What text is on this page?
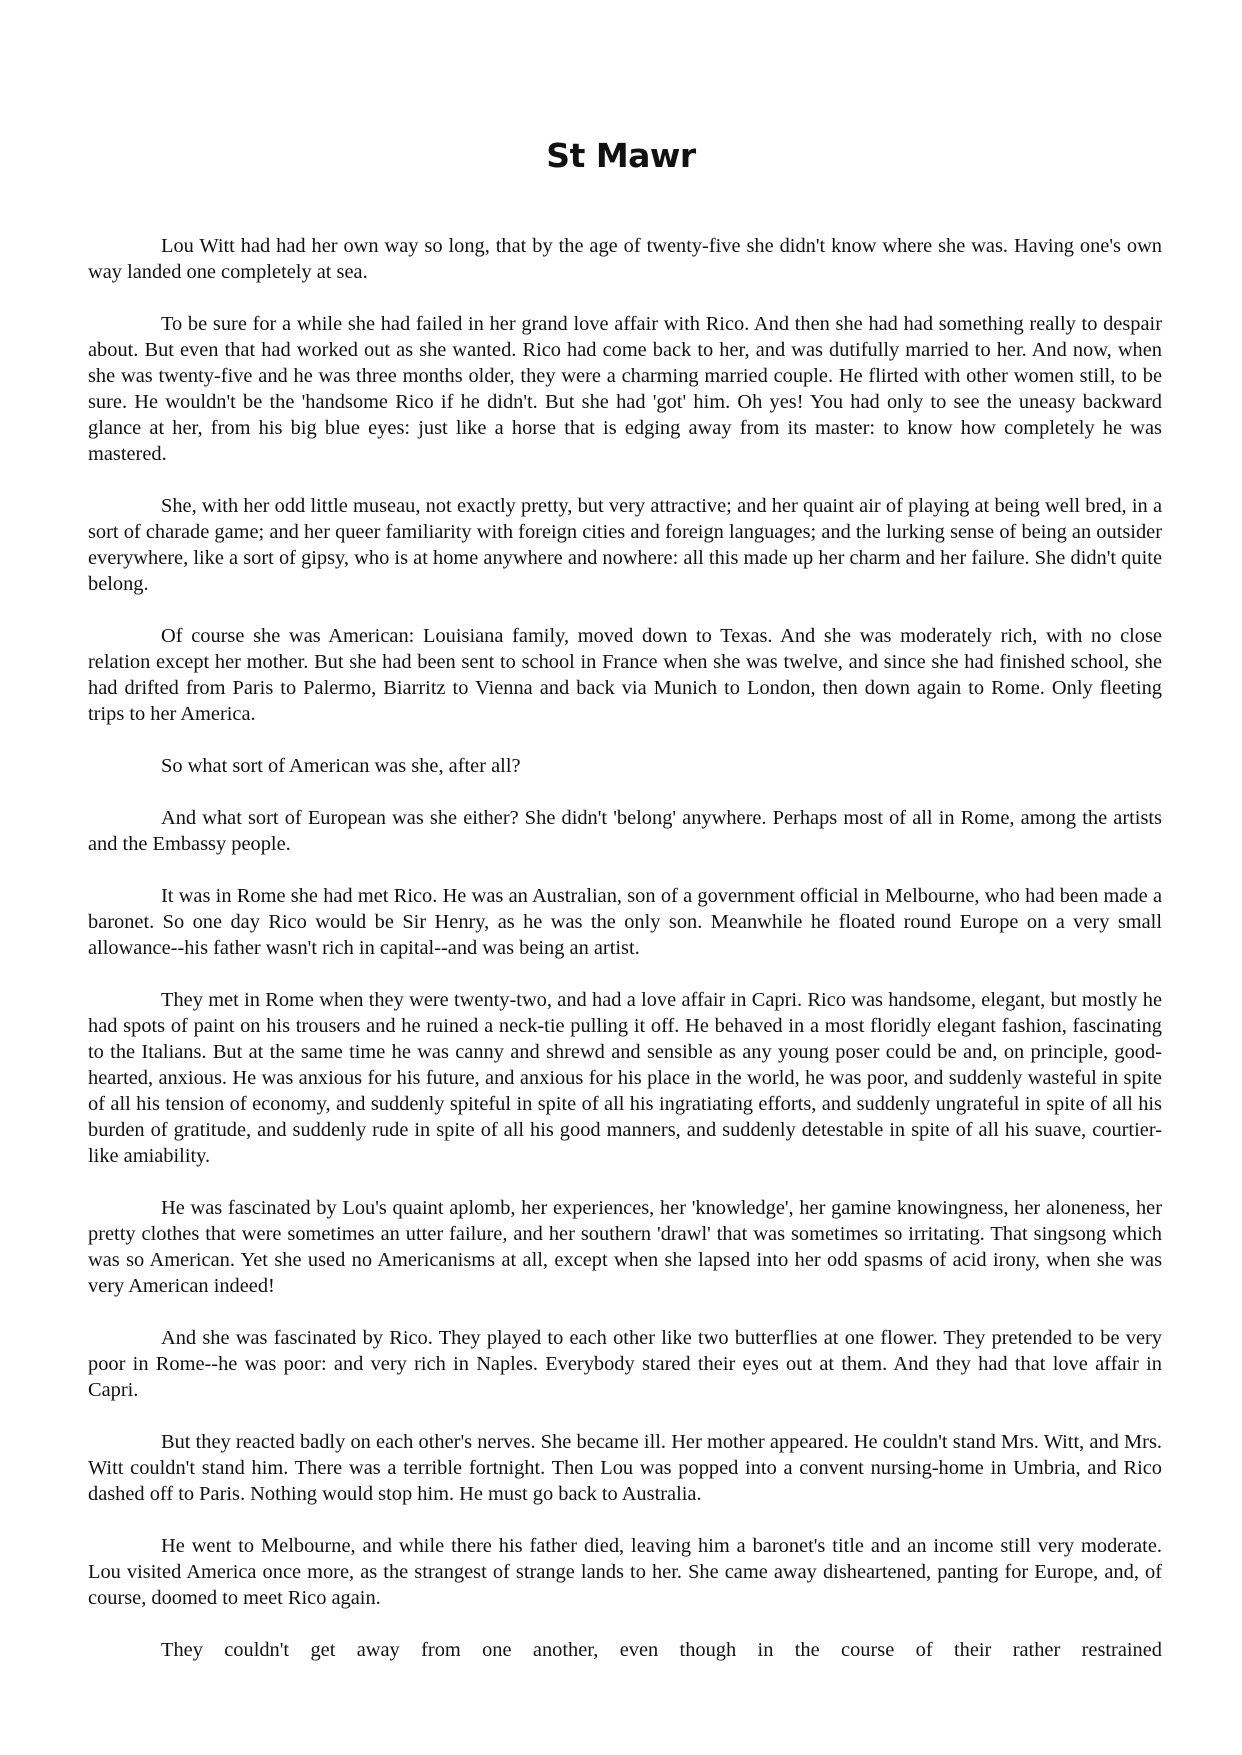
St Mawr

Lou Witt had had her own way so long, that by the age of twenty-five she didn't know where she was. Having one's own way landed one completely at sea.

To be sure for a while she had failed in her grand love affair with Rico. And then she had had something really to despair about. But even that had worked out as she wanted. Rico had come back to her, and was dutifully married to her. And now, when she was twenty-five and he was three months older, they were a charming married couple. He flirted with other women still, to be sure. He wouldn't be the 'handsome Rico if he didn't. But she had 'got' him. Oh yes! You had only to see the uneasy backward glance at her, from his big blue eyes: just like a horse that is edging away from its master: to know how completely he was mastered.

She, with her odd little museau, not exactly pretty, but very attractive; and her quaint air of playing at being well bred, in a sort of charade game; and her queer familiarity with foreign cities and foreign languages; and the lurking sense of being an outsider everywhere, like a sort of gipsy, who is at home anywhere and nowhere: all this made up her charm and her failure. She didn't quite belong.

Of course she was American: Louisiana family, moved down to Texas. And she was moderately rich, with no close relation except her mother. But she had been sent to school in France when she was twelve, and since she had finished school, she had drifted from Paris to Palermo, Biarritz to Vienna and back via Munich to London, then down again to Rome. Only fleeting trips to her America.

So what sort of American was she, after all?

And what sort of European was she either? She didn't 'belong' anywhere. Perhaps most of all in Rome, among the artists and the Embassy people.

It was in Rome she had met Rico. He was an Australian, son of a government official in Melbourne, who had been made a baronet. So one day Rico would be Sir Henry, as he was the only son. Meanwhile he floated round Europe on a very small allowance--his father wasn't rich in capital--and was being an artist.

They met in Rome when they were twenty-two, and had a love affair in Capri. Rico was handsome, elegant, but mostly he had spots of paint on his trousers and he ruined a neck-tie pulling it off. He behaved in a most floridly elegant fashion, fascinating to the Italians. But at the same time he was canny and shrewd and sensible as any young poser could be and, on principle, good-hearted, anxious. He was anxious for his future, and anxious for his place in the world, he was poor, and suddenly wasteful in spite of all his tension of economy, and suddenly spiteful in spite of all his ingratiating efforts, and suddenly ungrateful in spite of all his burden of gratitude, and suddenly rude in spite of all his good manners, and suddenly detestable in spite of all his suave, courtier-like amiability.

He was fascinated by Lou's quaint aplomb, her experiences, her 'knowledge', her gamine knowingness, her aloneness, her pretty clothes that were sometimes an utter failure, and her southern 'drawl' that was sometimes so irritating. That singsong which was so American. Yet she used no Americanisms at all, except when she lapsed into her odd spasms of acid irony, when she was very American indeed!

And she was fascinated by Rico. They played to each other like two butterflies at one flower. They pretended to be very poor in Rome--he was poor: and very rich in Naples. Everybody stared their eyes out at them. And they had that love affair in Capri.

But they reacted badly on each other's nerves. She became ill. Her mother appeared. He couldn't stand Mrs. Witt, and Mrs. Witt couldn't stand him. There was a terrible fortnight. Then Lou was popped into a convent nursing-home in Umbria, and Rico dashed off to Paris. Nothing would stop him. He must go back to Australia.

He went to Melbourne, and while there his father died, leaving him a baronet's title and an income still very moderate. Lou visited America once more, as the strangest of strange lands to her. She came away disheartened, panting for Europe, and, of course, doomed to meet Rico again.

They couldn't get away from one another, even though in the course of their rather restrained
